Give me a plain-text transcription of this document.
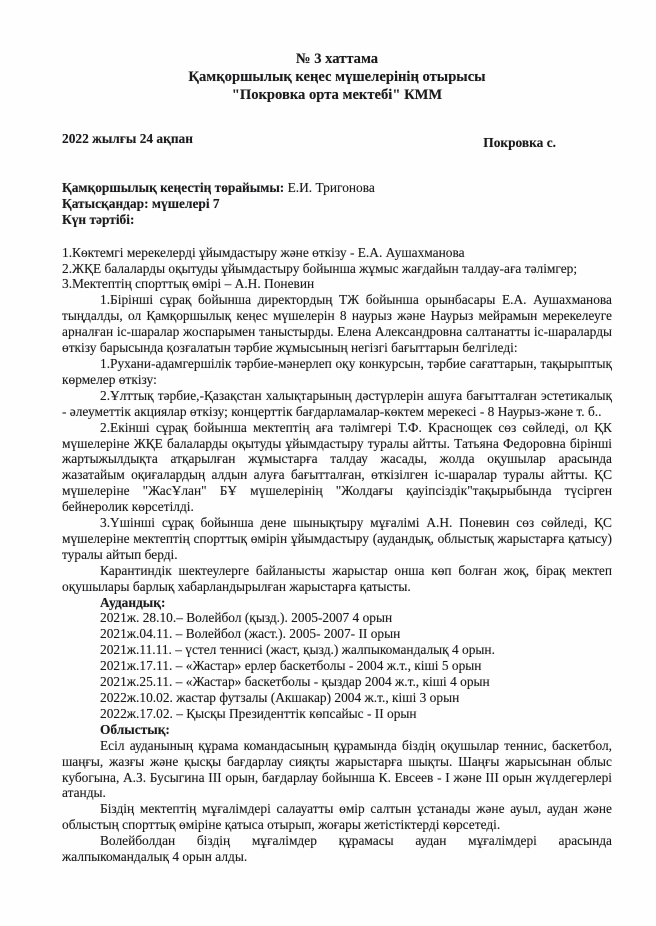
№ 3 хаттама
Қамқоршылық кеңес мүшелерінің отырысы
"Покровка орта мектебі" КММ
2022 жылғы 24 ақпан	Покровка с.

Қамқоршылық кеңестің төрайымы: Е.И. Тригонова

Қатысқандар: мүшелері 7

Күн тәртібі:

1.Көктемгі мерекелерді ұйымдастыру және өткізу - Е.А. Аушахманова

2.ЖҚЕ балаларды оқытуды ұйымдастыру бойынша жұмыс жағдайын талдау-аға тәлімгер;

3.Мектептің спорттық өмірі – А.Н. Поневин

1.Бірінші сұрақ бойынша директордың ТЖ бойынша орынбасары Е.А. Аушахманова тыңдалды, ол Қамқоршылық кеңес мүшелерін 8 наурыз және Наурыз мейрамын мерекелеуге арналған іс-шаралар жоспарымен таныстырды. Елена Александровна салтанатты іс-шараларды өткізу барысында қозғалатын тәрбие жұмысының негізгі бағыттарын белгіледі:

1.Рухани-адамгершілік тәрбие-мәнерлеп оқу конкурсын, тәрбие сағаттарын, тақырыптық көрмелер өткізу:

2.Ұлттық тәрбие,-Қазақстан халықтарының дәстүрлерін ашуға бағытталған эстетикалық - әлеуметтік акциялар өткізу; концерттік бағдарламалар-көктем мерекесі - 8 Наурыз-және т. б..

2.Екінші сұрақ бойынша мектептің аға тәлімгері Т.Ф. Краснощек сөз сөйледі, ол ҚК мүшелеріне ЖҚЕ балаларды оқытуды ұйымдастыру туралы айтты. Татьяна Федоровна бірінші жартыжылдықта атқарылған жұмыстарға талдау жасады, жолда оқушылар арасында жазатайым оқиғалардың алдын алуға бағытталған, өткізілген іс-шаралар туралы айтты. ҚС мүшелеріне "ЖасҰлан" БҰ мүшелерінің "Жолдағы қауіпсіздік"тақырыбында түсірген бейнеролик көрсетілді.

3.Үшінші сұрақ бойынша дене шынықтыру мұғалімі А.Н. Поневин сөз сөйледі, ҚС мүшелеріне мектептің спорттық өмірін ұйымдастыру (аудандық, облыстық жарыстарға қатысу) туралы айтып берді.

Карантиндік шектеулерге байланысты жарыстар онша көп болған жоқ, бірақ мектеп оқушылары барлық хабарландырылған жарыстарға қатысты.

Аудандық:

2021ж. 28.10.– Волейбол (қызд.). 2005-2007 4 орын

2021ж.04.11. – Волейбол (жаст.). 2005- 2007- II орын

2021ж.11.11. – үстел теннисі (жаст, қызд.) жалпыкомандалық 4 орын.

2021ж.17.11. – «Жастар» ерлер баскетболы - 2004 ж.т., кіші 5 орын

2021ж.25.11. – «Жастар» баскетболы - қыздар 2004 ж.т., кіші 4 орын

2022ж.10.02. жастар футзалы (Акшакар) 2004 ж.т., кіші 3 орын

2022ж.17.02. – Қысқы Президенттік көпсайыс - II орын

Облыстық:

Есіл ауданының құрама командасының құрамында біздің оқушылар теннис, баскетбол, шаңғы, жазғы және қысқы бағдарлау сияқты жарыстарға шықты. Шаңғы жарысынан облыс кубогына, А.З. Бусыгина III орын, бағдарлау бойынша К. Евсеев - I және III орын жүлдегерлері атанды.

Біздің мектептің мұғалімдері салауатты өмір салтын ұстанады және ауыл, аудан және облыстың спорттық өміріне қатыса отырып, жоғары жетістіктерді көрсетеді.

Волейболдан біздің мұғалімдер құрамасы аудан мұғалімдері арасында жалпыкомандалық 4 орын алды.
